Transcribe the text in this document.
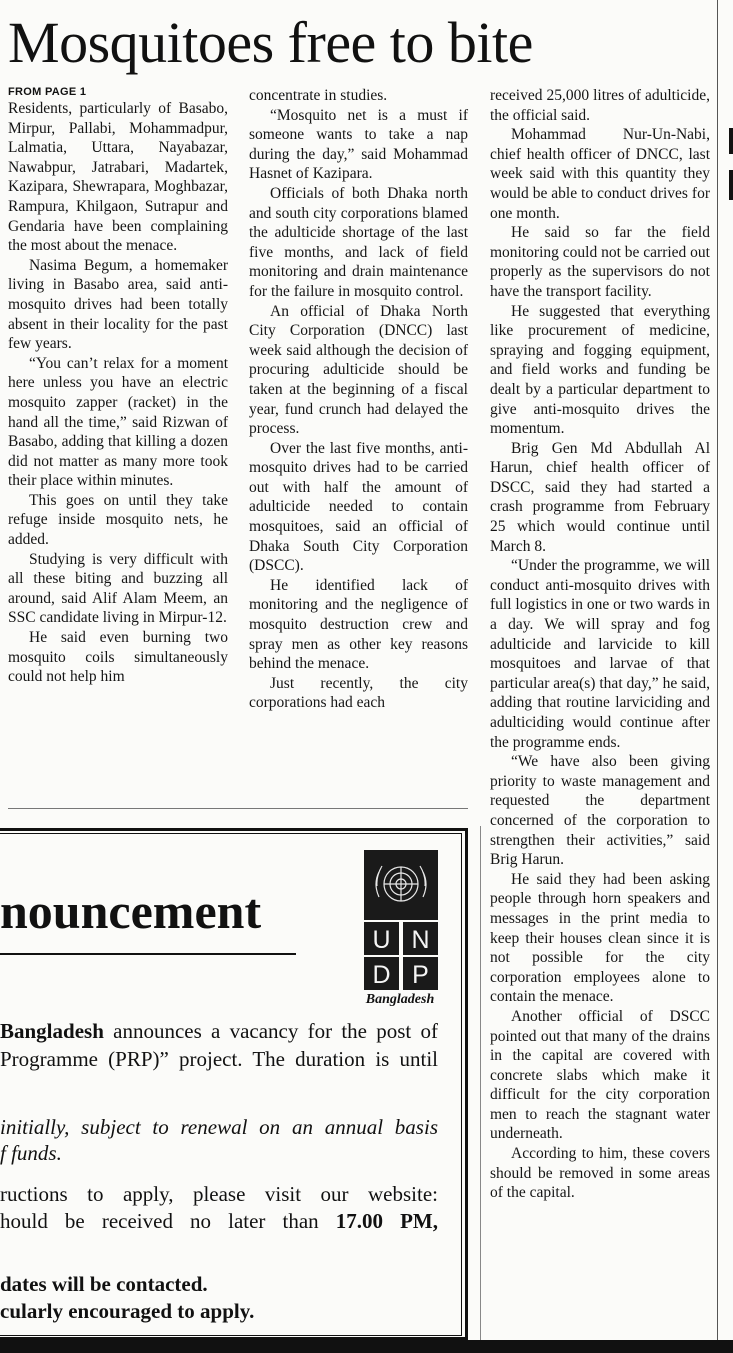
Mosquitoes free to bite
FROM PAGE 1

Residents, particularly of Basabo, Mirpur, Pallabi, Mohammadpur, Lalmatia, Uttara, Nayabazar, Nawabpur, Jatrabari, Madartek, Kazipara, Shewrapara, Moghbazar, Rampura, Khilgaon, Sutrapur and Gendaria have been complaining the most about the menace.

Nasima Begum, a homemaker living in Basabo area, said anti-mosquito drives had been totally absent in their locality for the past few years.

“You can’t relax for a moment here unless you have an electric mosquito zapper (racket) in the hand all the time,” said Rizwan of Basabo, adding that killing a dozen did not matter as many more took their place within minutes.

This goes on until they take refuge inside mosquito nets, he added.

Studying is very difficult with all these biting and buzzing all around, said Alif Alam Meem, an SSC candidate living in Mirpur-12.

He said even burning two mosquito coils simultaneously could not help him

concentrate in studies.

“Mosquito net is a must if someone wants to take a nap during the day,” said Mohammad Hasnet of Kazipara.

Officials of both Dhaka north and south city corporations blamed the adulticide shortage of the last five months, and lack of field monitoring and drain maintenance for the failure in mosquito control.

An official of Dhaka North City Corporation (DNCC) last week said although the decision of procuring adulticide should be taken at the beginning of a fiscal year, fund crunch had delayed the process.

Over the last five months, anti-mosquito drives had to be carried out with half the amount of adulticide needed to contain mosquitoes, said an official of Dhaka South City Corporation (DSCC).

He identified lack of monitoring and the negligence of mosquito destruction crew and spray men as other key reasons behind the menace.

Just recently, the city corporations had each

received 25,000 litres of adulticide, the official said.

Mohammad Nur-Un-Nabi, chief health officer of DNCC, last week said with this quantity they would be able to conduct drives for one month.

He said so far the field monitoring could not be carried out properly as the supervisors do not have the transport facility.

He suggested that everything like procurement of medicine, spraying and fogging equipment, and field works and funding be dealt by a particular department to give anti-mosquito drives the momentum.

Brig Gen Md Abdullah Al Harun, chief health officer of DSCC, said they had started a crash programme from February 25 which would continue until March 8.

“Under the programme, we will conduct anti-mosquito drives with full logistics in one or two wards in a day. We will spray and fog adulticide and larvicide to kill mosquitoes and larvae of that particular area(s) that day,” he said, adding that routine larviciding and adulticiding would continue after the programme ends.

“We have also been giving priority to waste management and requested the department concerned of the corporation to strengthen their activities,” said Brig Harun.

He said they had been asking people through horn speakers and messages in the print media to keep their houses clean since it is not possible for the city corporation employees alone to contain the menace.

Another official of DSCC pointed out that many of the drains in the capital are covered with concrete slabs which make it difficult for the city corporation men to reach the stagnant water underneath.

According to him, these covers should be removed in some areas of the capital.

nouncement
U N
D P
Bangladesh
Bangladesh announces a vacancy for the post of
Programme (PRP)” project. The duration is until
initially, subject to renewal on an annual basis
f funds.
ructions to apply, please visit our website:
hould be received no later than 17.00 PM,
dates will be contacted.
cularly encouraged to apply.
